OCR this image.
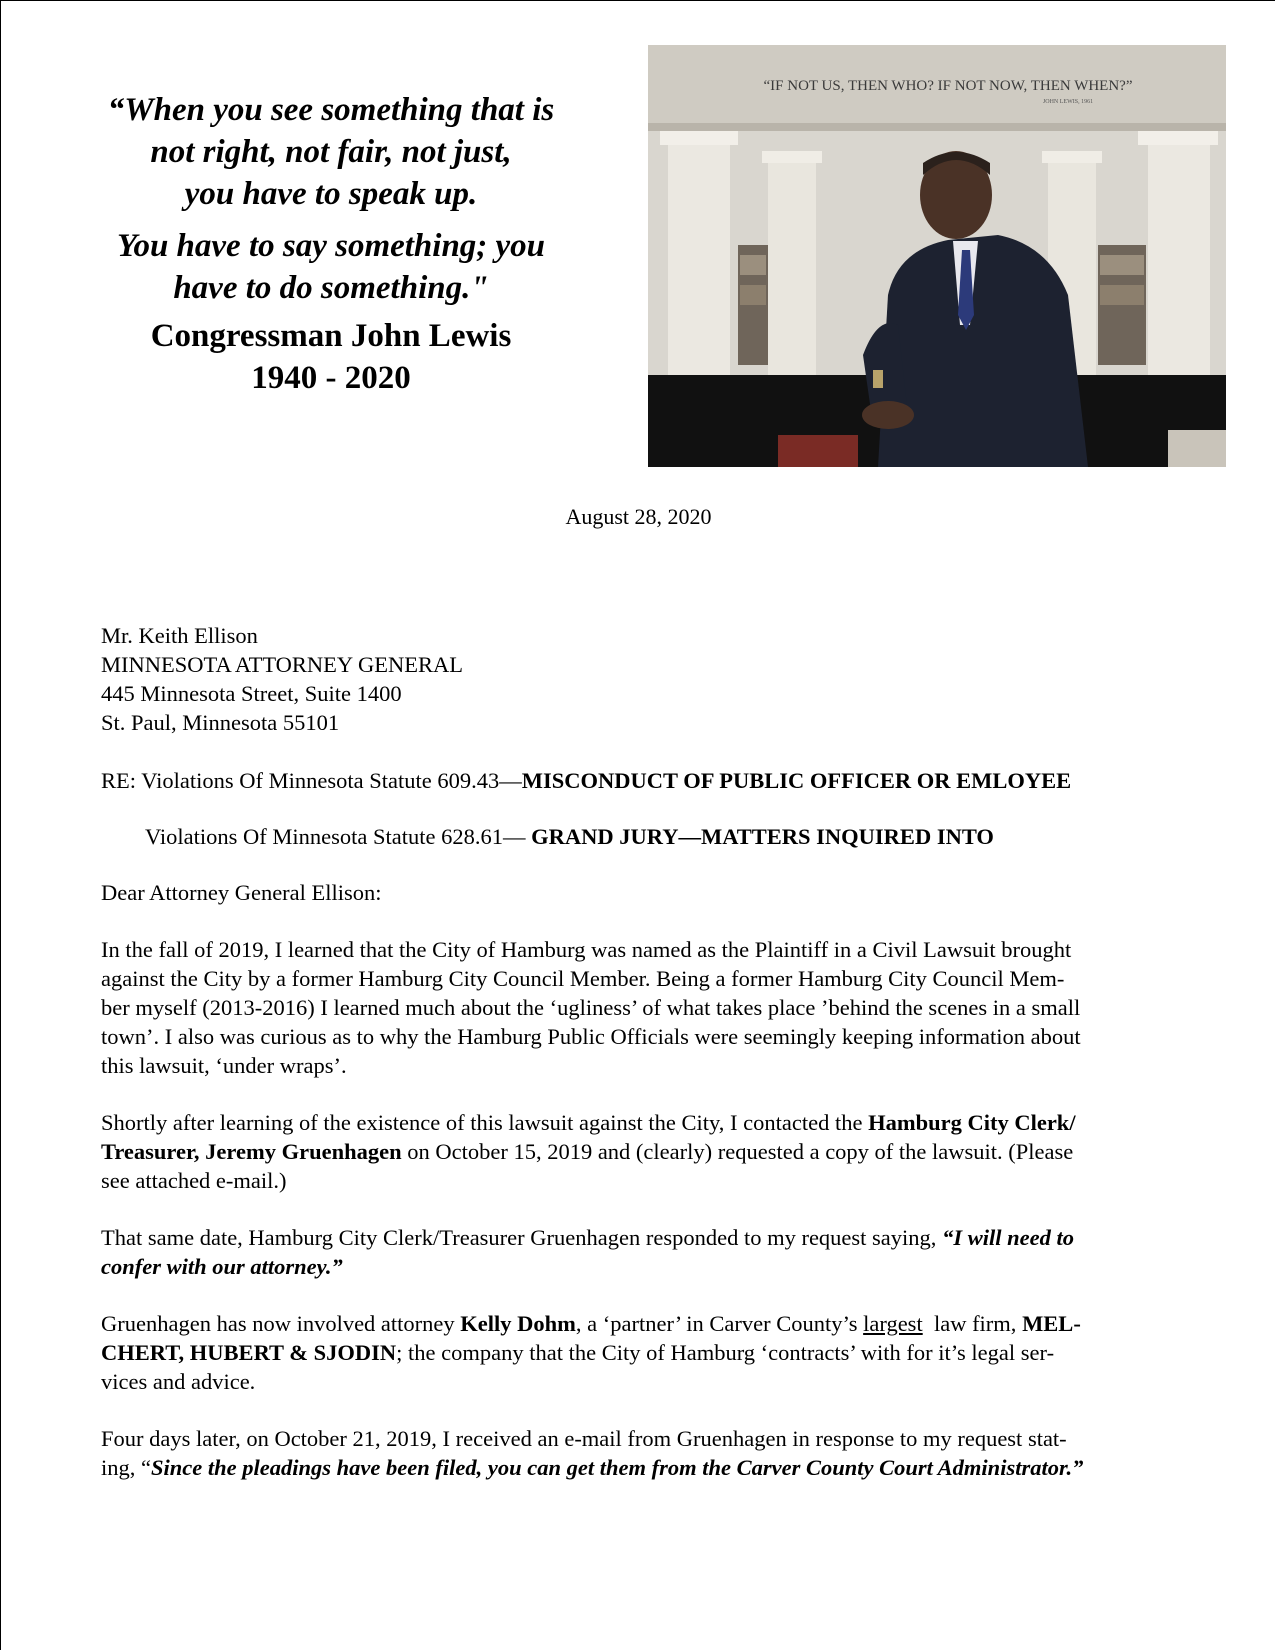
“When you see something that is

not right, not fair, not just,

you have to speak up.

You have to say something; you

have to do something."

Congressman John Lewis
1940 - 2020
“IF NOT US, THEN WHO? IF NOT NOW, THEN WHEN?”
JOHN LEWIS, 1961
August 28, 2020
Mr. Keith Ellison
MINNESOTA ATTORNEY GENERAL
445 Minnesota Street, Suite 1400
St. Paul, Minnesota 55101
RE: Violations Of Minnesota Statute 609.43—MISCONDUCT OF PUBLIC OFFICER OR EMLOYEE
Violations Of Minnesota Statute 628.61— GRAND JURY—MATTERS INQUIRED INTO
Dear Attorney General Ellison:
In the fall of 2019, I learned that the City of Hamburg was named as the Plaintiff in a Civil Lawsuit brought
against the City by a former Hamburg City Council Member. Being a former Hamburg City Council Mem-
ber myself (2013-2016) I learned much about the ‘ugliness’ of what takes place ’behind the scenes in a small
town’. I also was curious as to why the Hamburg Public Officials were seemingly keeping information about
this lawsuit, ‘under wraps’.
Shortly after learning of the existence of this lawsuit against the City, I contacted the Hamburg City Clerk/
Treasurer, Jeremy Gruenhagen on October 15, 2019 and (clearly) requested a copy of the lawsuit. (Please
see attached e-mail.)
That same date, Hamburg City Clerk/Treasurer Gruenhagen responded to my request saying, “I will need to
confer with our attorney.”
Gruenhagen has now involved attorney Kelly Dohm, a ‘partner’ in Carver County’s largest  law firm, MEL-
CHERT, HUBERT & SJODIN; the company that the City of Hamburg ‘contracts’ with for it’s legal ser-
vices and advice.
Four days later, on October 21, 2019, I received an e-mail from Gruenhagen in response to my request stat-
ing, “Since the pleadings have been filed, you can get them from the Carver County Court Administrator.”
